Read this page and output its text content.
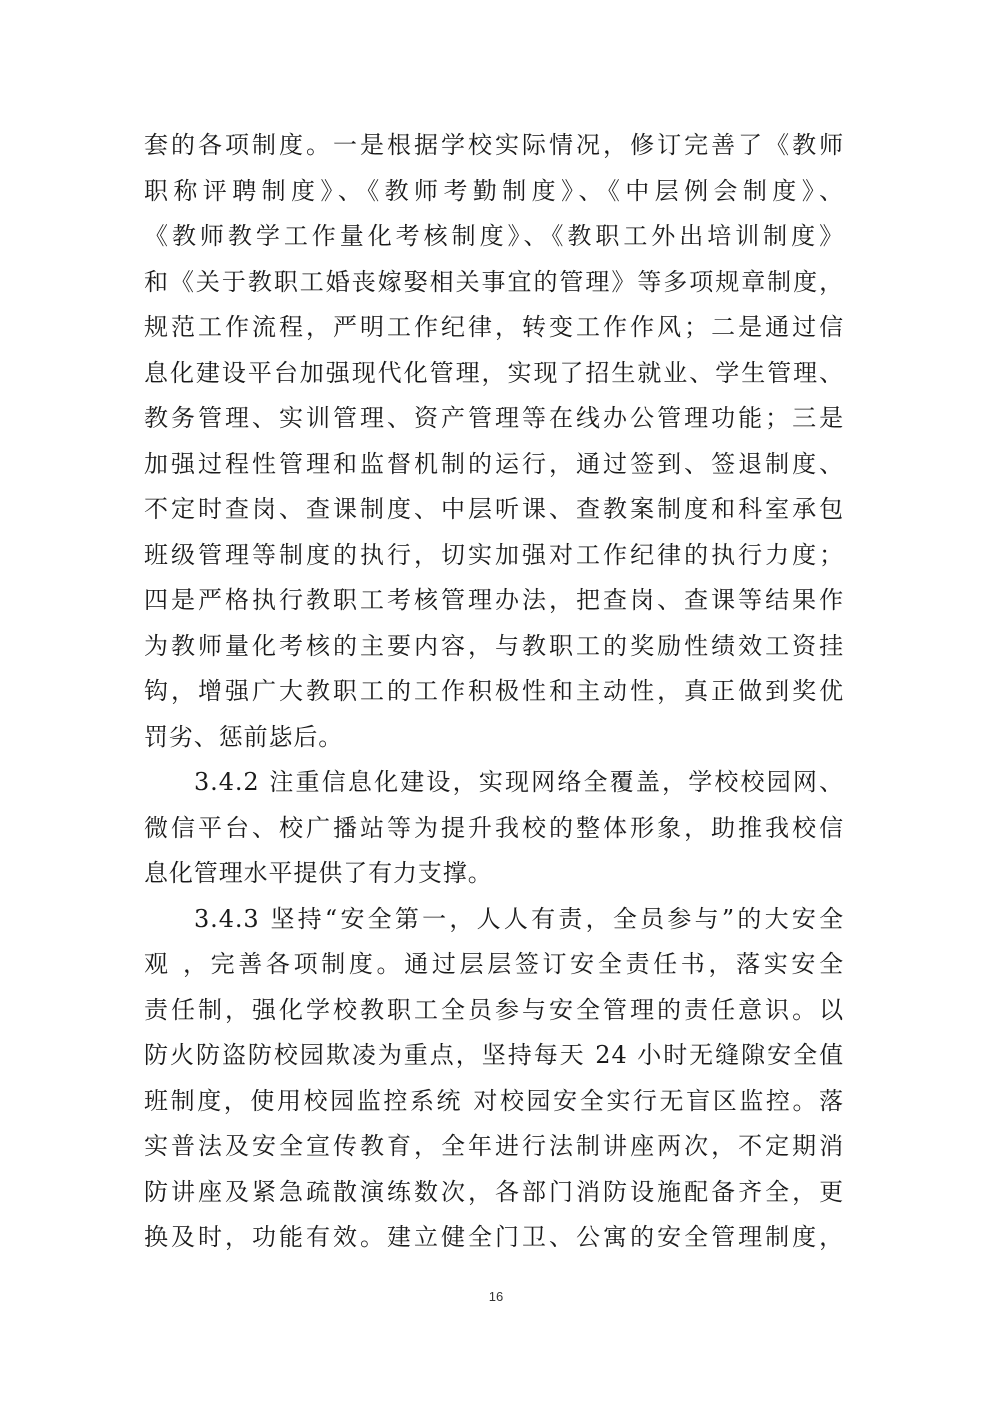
套的各项制度。一是根据学校实际情况，修订完善了《教师
职称评聘制度》、《教师考勤制度》、《中层例会制度》、
《教师教学工作量化考核制度》、《教职工外出培训制度》
和《关于教职工婚丧嫁娶相关事宜的管理》等多项规章制度，
规范工作流程，严明工作纪律，转变工作作风；二是通过信
息化建设平台加强现代化管理，实现了招生就业、学生管理、
教务管理、实训管理、资产管理等在线办公管理功能；三是
加强过程性管理和监督机制的运行，通过签到、签退制度、
不定时查岗、查课制度、中层听课、查教案制度和科室承包
班级管理等制度的执行，切实加强对工作纪律的执行力度；
四是严格执行教职工考核管理办法，把查岗、查课等结果作
为教师量化考核的主要内容，与教职工的奖励性绩效工资挂
钩，增强广大教职工的工作积极性和主动性，真正做到奖优
罚劣、惩前毖后。
3.4.2 注重信息化建设，实现网络全覆盖，学校校园网、
微信平台、校广播站等为提升我校的整体形象，助推我校信
息化管理水平提供了有力支撑。
3.4.3 坚持“安全第一，人人有责，全员参与”的大安全
观 ，完善各项制度。通过层层签订安全责任书，落实安全
责任制，强化学校教职工全员参与安全管理的责任意识。以
防火防盗防校园欺凌为重点，坚持每天 24 小时无缝隙安全值
班制度，使用校园监控系统 对校园安全实行无盲区监控。落
实普法及安全宣传教育，全年进行法制讲座两次，不定期消
防讲座及紧急疏散演练数次，各部门消防设施配备齐全，更
换及时，功能有效。建立健全门卫、公寓的安全管理制度，
16
